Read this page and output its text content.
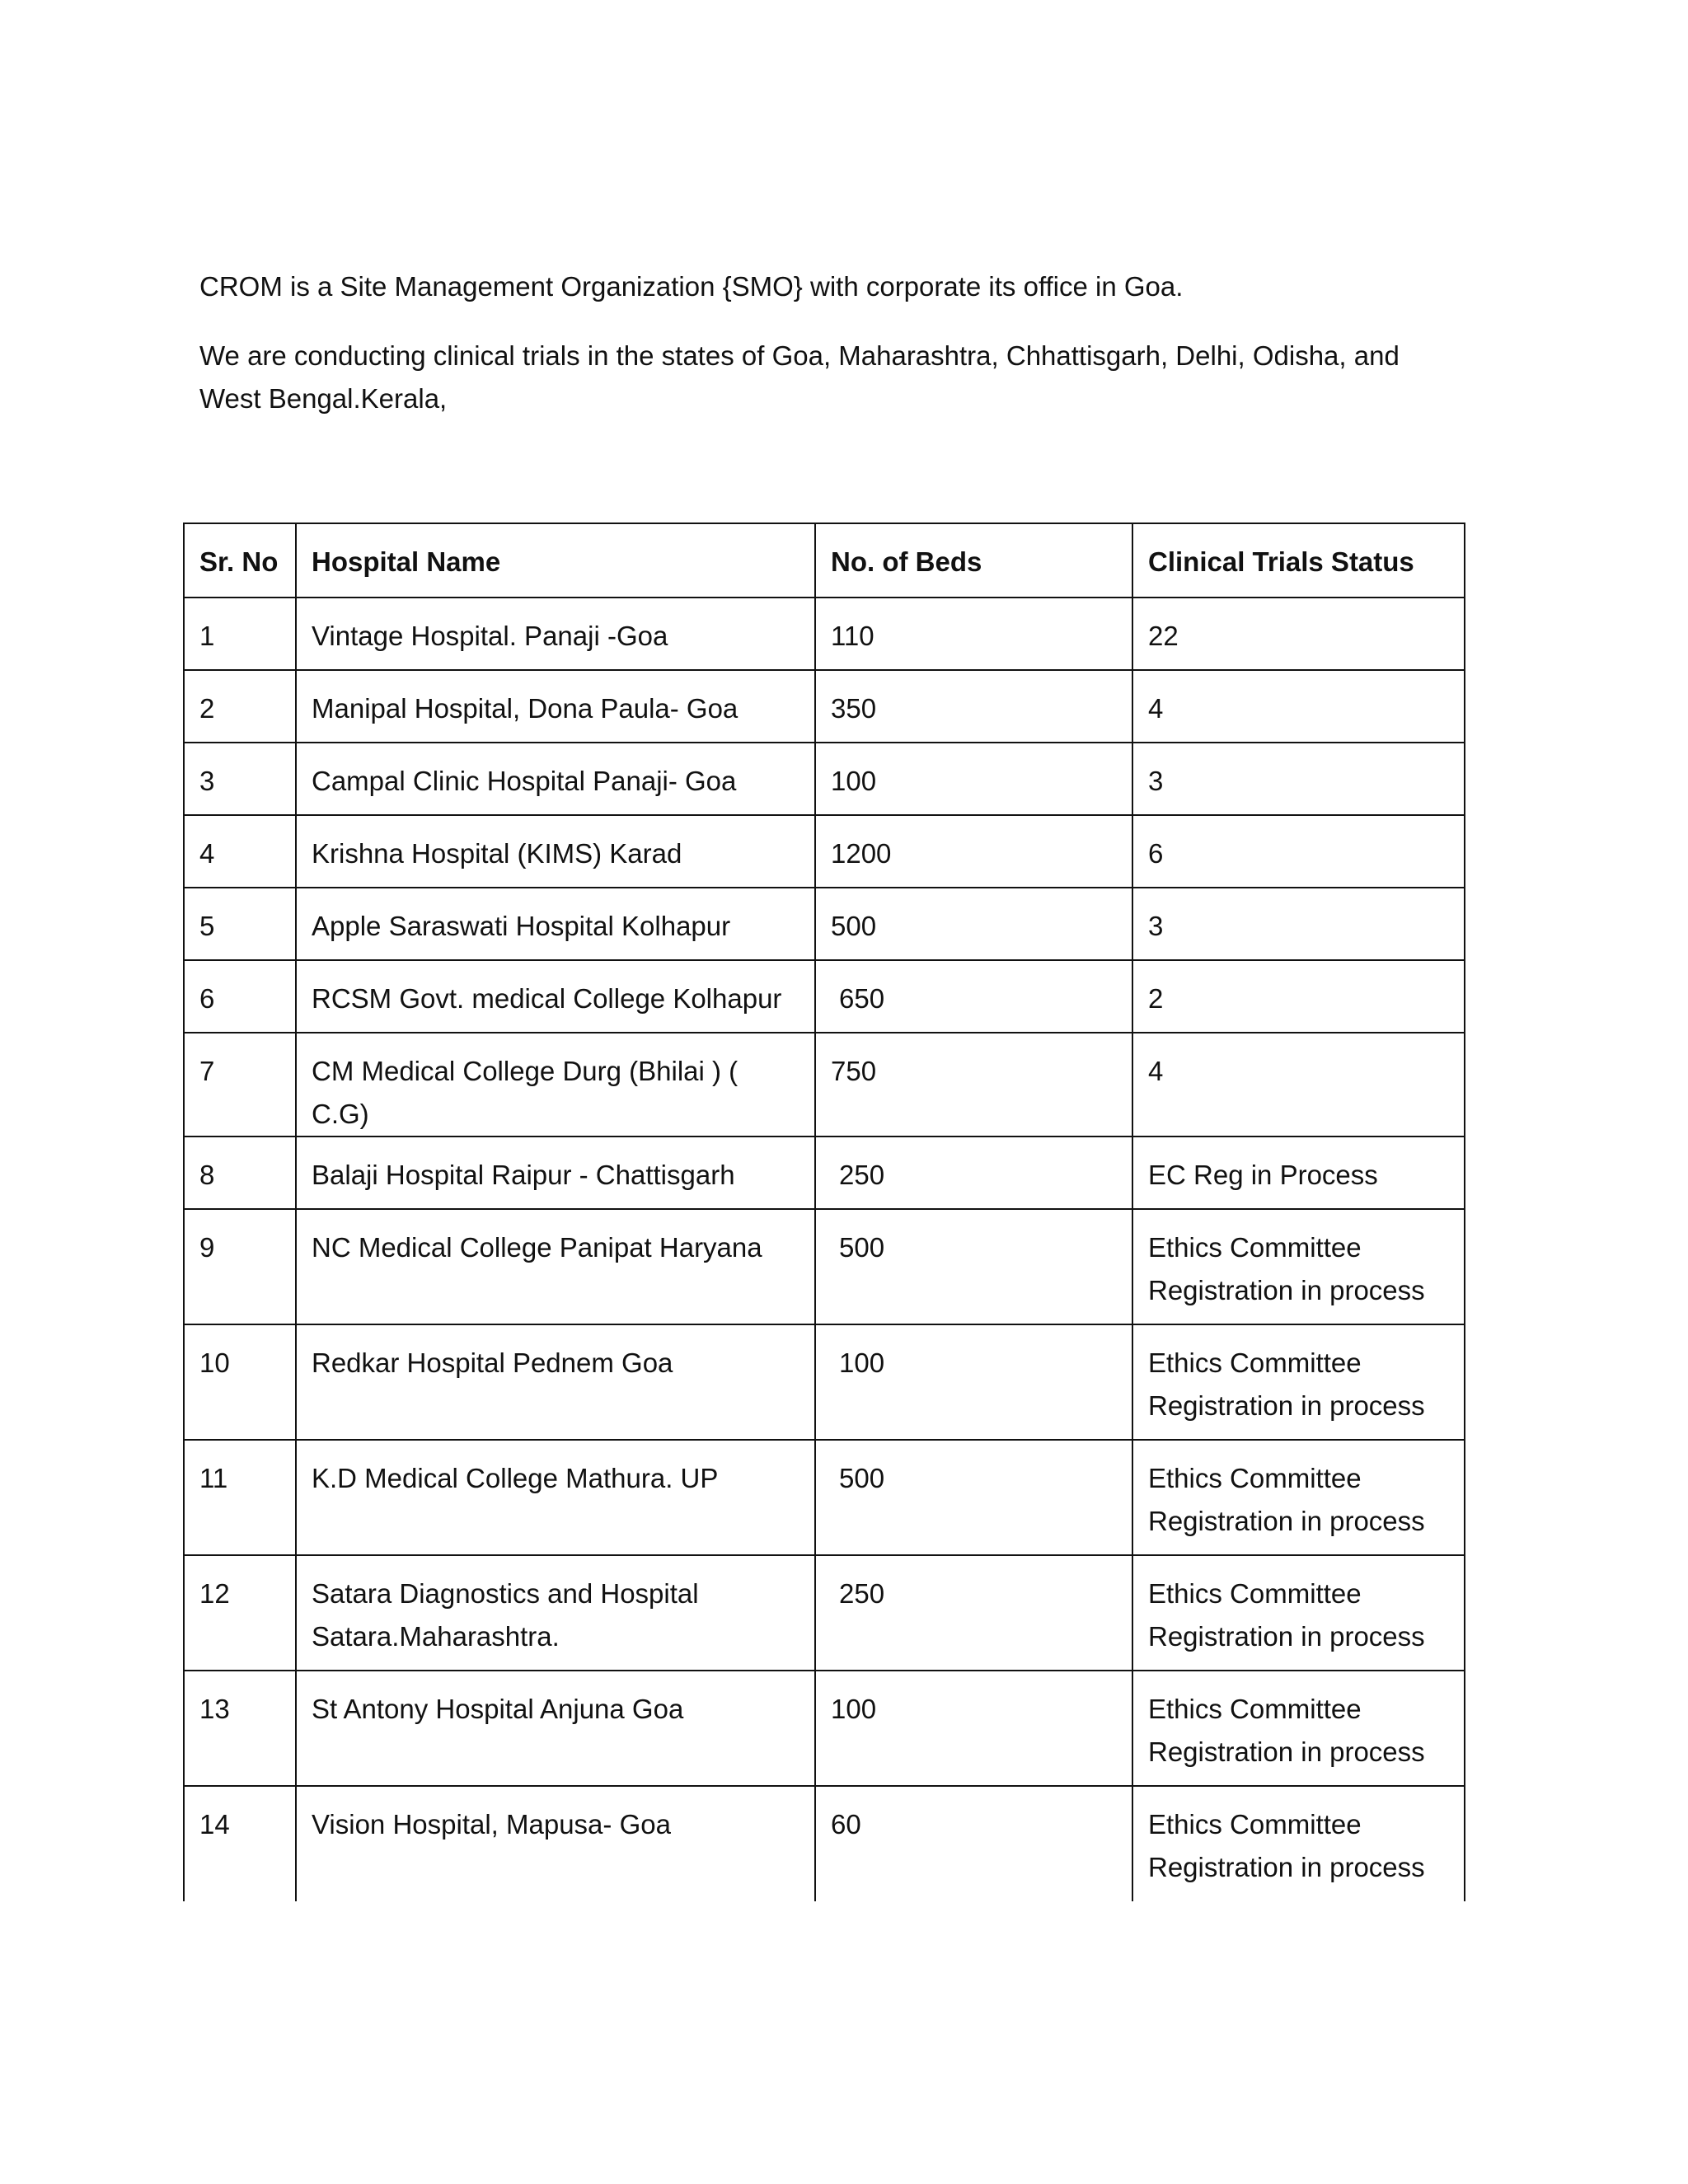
CROM is a Site Management Organization {SMO} with corporate its office in Goa.

We are conducting clinical trials in the states of Goa, Maharashtra, Chhattisgarh, Delhi, Odisha, and West Bengal.Kerala,

Sr. No	Hospital Name	No. of Beds	Clinical Trials Status
1	Vintage Hospital. Panaji -Goa	110	22
2	Manipal Hospital, Dona Paula- Goa	350	4
3	Campal Clinic Hospital Panaji- Goa	100	3
4	Krishna Hospital (KIMS) Karad	1200	6
5	Apple Saraswati Hospital Kolhapur	500	3
6	RCSM Govt. medical College Kolhapur	650	2
7	CM Medical College Durg (Bhilai ) ( C.G)	750	4
8	Balaji Hospital Raipur - Chattisgarh	250	EC Reg in Process
9	NC Medical College Panipat Haryana	500	Ethics Committee Registration in process
10	Redkar Hospital Pednem Goa	100	Ethics Committee Registration in process
11	K.D Medical College Mathura. UP	500	Ethics Committee Registration in process
12	Satara Diagnostics and Hospital Satara.Maharashtra.	250	Ethics Committee Registration in process
13	St Antony Hospital Anjuna Goa	100	Ethics Committee Registration in process
14	Vision Hospital, Mapusa- Goa	60	Ethics Committee Registration in process
